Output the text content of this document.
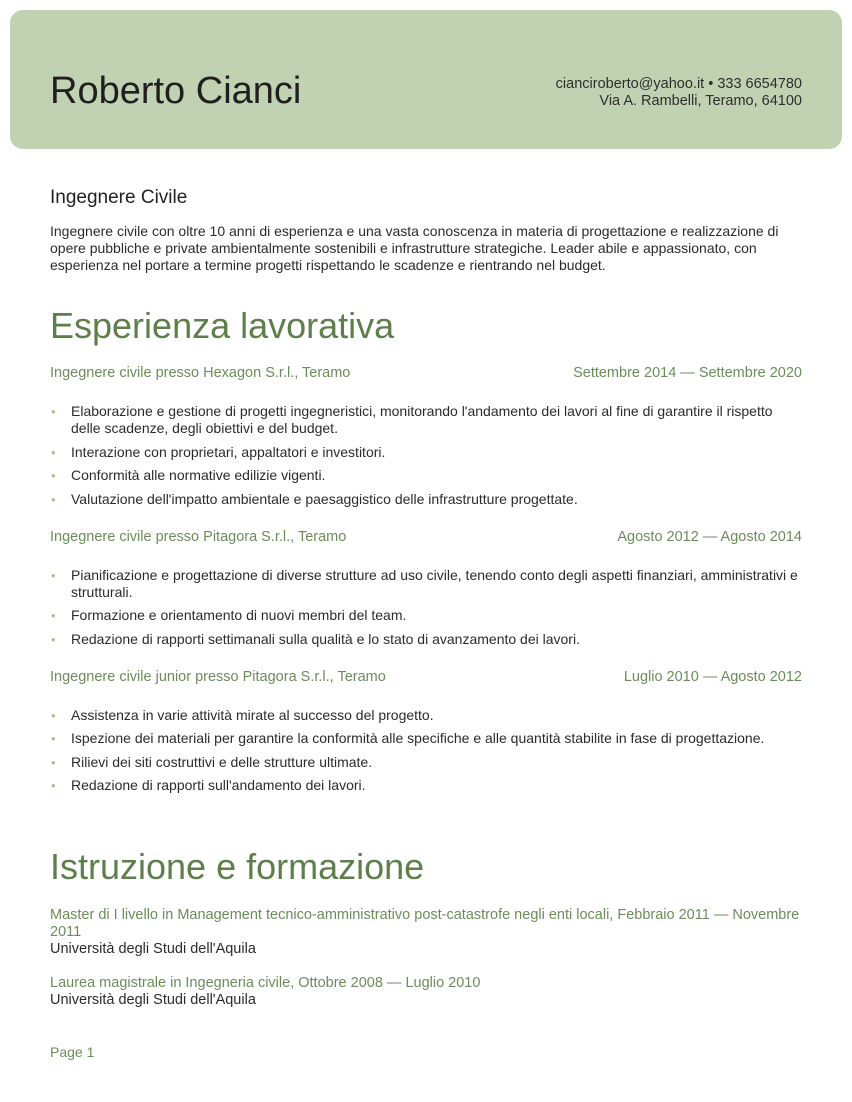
Roberto Cianci	cianciroberto@yahoo.it • 333 6654780
Via A. Rambelli, Teramo, 64100
Ingegnere Civile
Ingegnere civile con oltre 10 anni di esperienza e una vasta conoscenza in materia di progettazione e realizzazione di opere pubbliche e private ambientalmente sostenibili e infrastrutture strategiche. Leader abile e appassionato, con esperienza nel portare a termine progetti rispettando le scadenze e rientrando nel budget.
Esperienza lavorativa
Ingegnere civile presso Hexagon S.r.l., Teramo	Settembre 2014 — Settembre 2020
• Elaborazione e gestione di progetti ingegneristici, monitorando l'andamento dei lavori al fine di garantire il rispetto delle scadenze, degli obiettivi e del budget.
• Interazione con proprietari, appaltatori e investitori.
• Conformità alle normative edilizie vigenti.
• Valutazione dell'impatto ambientale e paesaggistico delle infrastrutture progettate.
Ingegnere civile presso Pitagora S.r.l., Teramo	Agosto 2012 — Agosto 2014
• Pianificazione e progettazione di diverse strutture ad uso civile, tenendo conto degli aspetti finanziari, amministrativi e strutturali.
• Formazione e orientamento di nuovi membri del team.
• Redazione di rapporti settimanali sulla qualità e lo stato di avanzamento dei lavori.
Ingegnere civile junior presso Pitagora S.r.l., Teramo	Luglio 2010 — Agosto 2012
• Assistenza in varie attività mirate al successo del progetto.
• Ispezione dei materiali per garantire la conformità alle specifiche e alle quantità stabilite in fase di progettazione.
• Rilievi dei siti costruttivi e delle strutture ultimate.
• Redazione di rapporti sull'andamento dei lavori.
Istruzione e formazione
Master di I livello in Management tecnico-amministrativo post-catastrofe negli enti locali, Febbraio 2011 — Novembre 2011
Università degli Studi dell'Aquila
Laurea magistrale in Ingegneria civile, Ottobre 2008 — Luglio 2010
Università degli Studi dell'Aquila
Page 1
